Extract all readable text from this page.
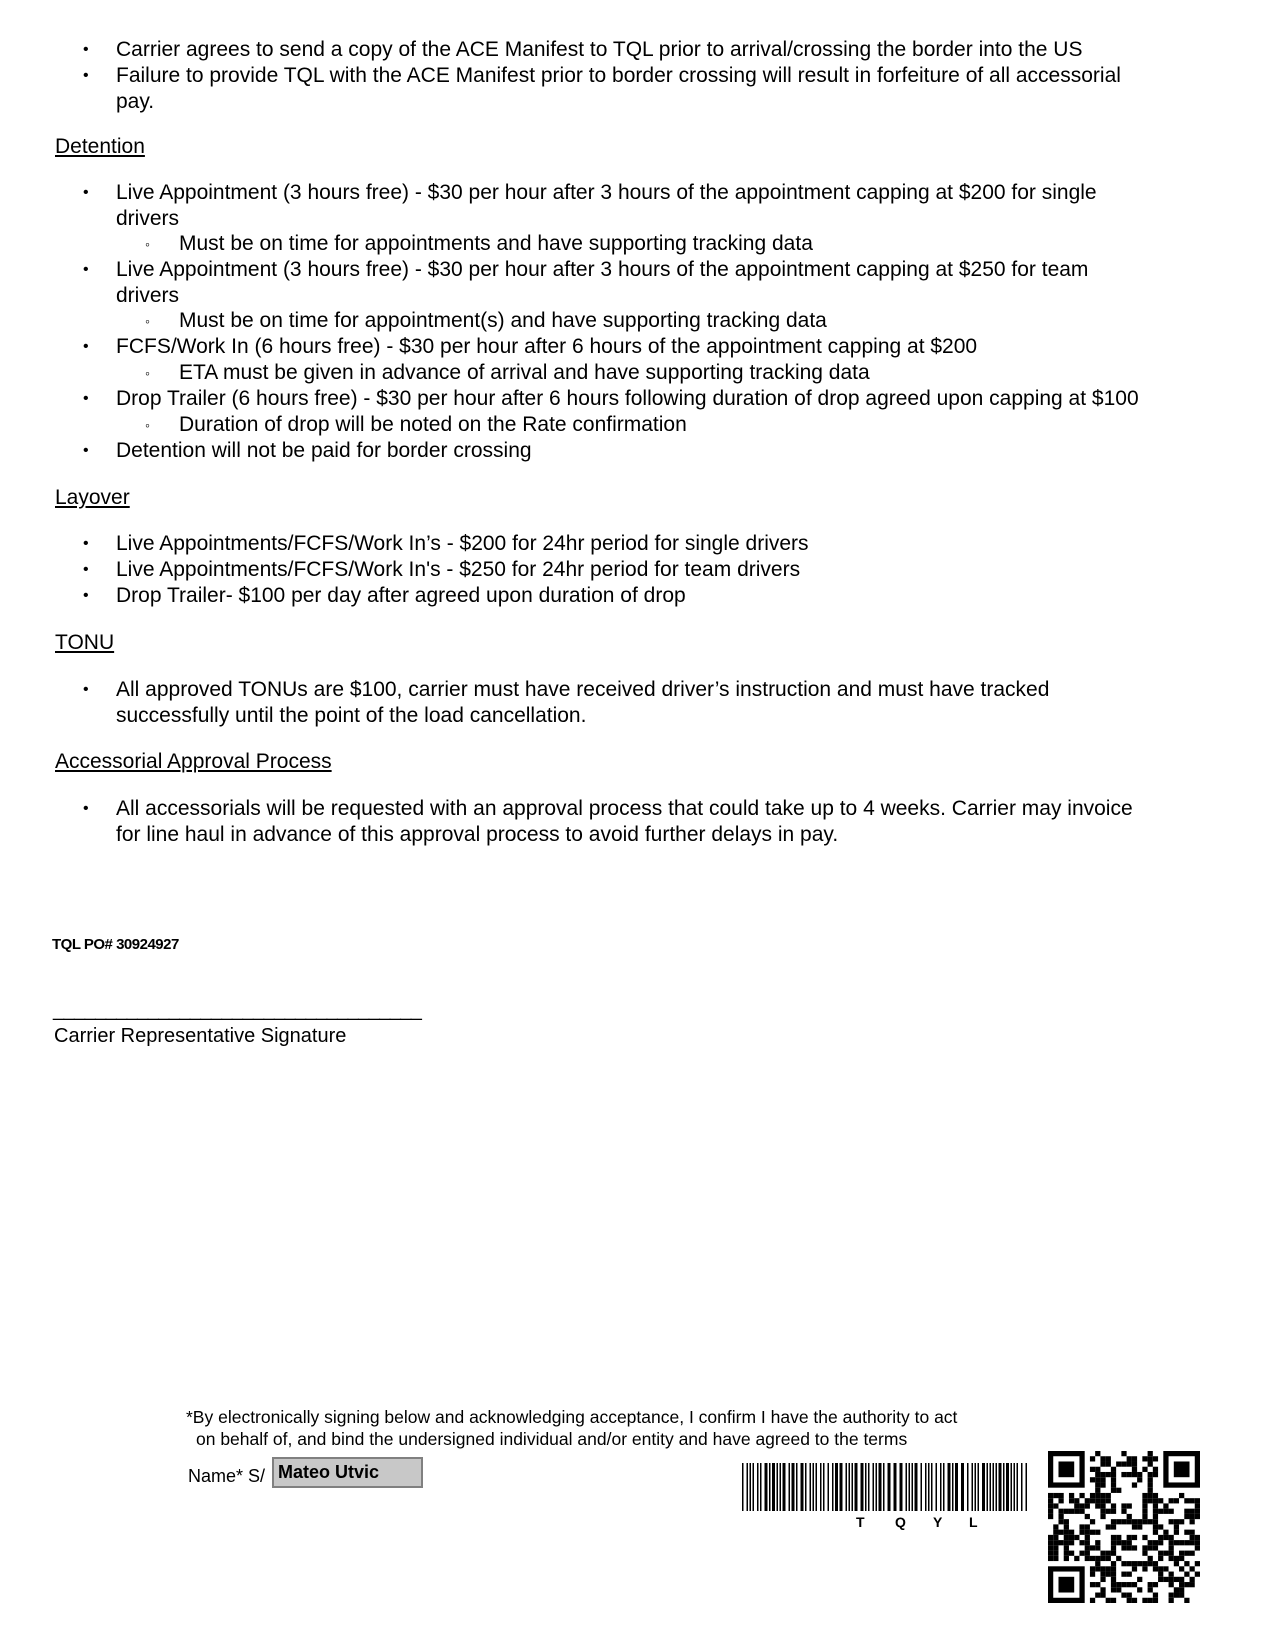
• Carrier agrees to send a copy of the ACE Manifest to TQL prior to arrival/crossing the border into the US
• Failure to provide TQL with the ACE Manifest prior to border crossing will result in forfeiture of all accessorial
pay.
Detention
• Live Appointment (3 hours free) - $30 per hour after 3 hours of the appointment capping at $200 for single
drivers
◦ Must be on time for appointments and have supporting tracking data
• Live Appointment (3 hours free) - $30 per hour after 3 hours of the appointment capping at $250 for team
drivers
◦ Must be on time for appointment(s) and have supporting tracking data
• FCFS/Work In (6 hours free) - $30 per hour after 6 hours of the appointment capping at $200
◦ ETA must be given in advance of arrival and have supporting tracking data
• Drop Trailer (6 hours free) - $30 per hour after 6 hours following duration of drop agreed upon capping at $100
◦ Duration of drop will be noted on the Rate confirmation
• Detention will not be paid for border crossing
Layover
• Live Appointments/FCFS/Work In’s - $200 for 24hr period for single drivers
• Live Appointments/FCFS/Work In's - $250 for 24hr period for team drivers
• Drop Trailer- $100 per day after agreed upon duration of drop
TONU
• All approved TONUs are $100, carrier must have received driver’s instruction and must have tracked
successfully until the point of the load cancellation.
Accessorial Approval Process
• All accessorials will be requested with an approval process that could take up to 4 weeks. Carrier may invoice
for line haul in advance of this approval process to avoid further delays in pay.
TQL PO# 30924927
___________________________________
Carrier Representative Signature
*By electronically signing below and acknowledging acceptance, I confirm I have the authority to act
on behalf of, and bind the undersigned individual and/or entity and have agreed to the terms
Name* S/ Mateo Utvic
T Q Y L
